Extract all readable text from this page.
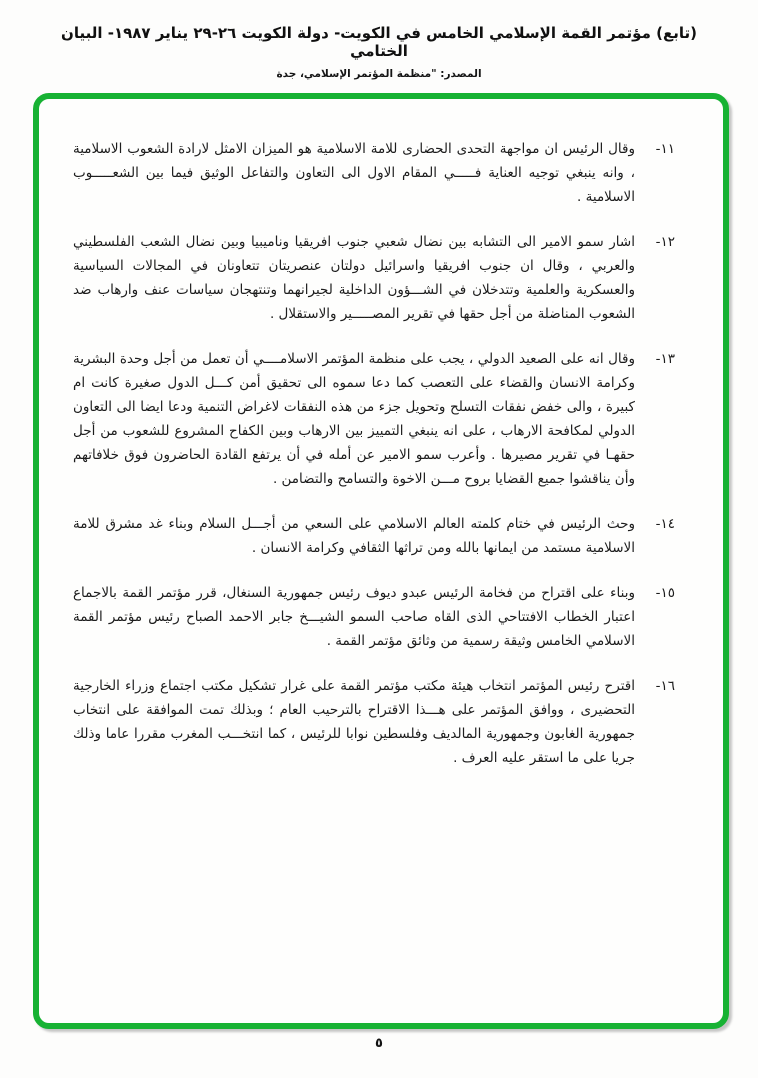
(تابع) مؤتمر القمة الإسلامي الخامس في الكويت- دولة الكويت ٢٦-٢٩ يناير ١٩٨٧- البيان الختامي
المصدر: "منظمة المؤتمر الإسلامي، جدة
١١-
وقال الرئيس ان مواجهة التحدى الحضارى للامة الاسلامية هو الميزان الامثل لارادة الشعوب الاسلامية ، وانه ينبغي توجيه العناية فـــــي المقام الاول الى التعاون والتفاعل الوثيق فيما بين الشعـــــوب الاسلامية .
١٢-
اشار سمو الامير الى التشابه بين نضال شعبي جنوب افريقيا وناميبيا وبين نضال الشعب الفلسطيني والعربي ، وقال ان جنوب افريقيا واسرائيل دولتان عنصريتان تتعاونان في المجالات السياسية والعسكرية والعلمية وتتدخلان في الشـــؤون الداخلية لجيرانهما وتنتهجان سياسات عنف وارهاب ضد الشعوب المناضلة من أجل حقها في تقرير المصـــــير والاستقلال .
١٣-
وقال انه على الصعيد الدولي ، يجب على منظمة المؤتمر الاسلامــــي أن تعمل من أجل وحدة البشرية وكرامة الانسان والقضاء على التعصب كما دعا سموه الى تحقيق أمن كـــل الدول صغيرة كانت ام كبيرة ، والى خفض نفقات التسلح وتحويل جزء من هذه النفقات لاغراض التنمية ودعا ايضا الى التعاون الدولي لمكافحة الارهاب ، على انه ينبغي التمييز بين الارهاب وبين الكفاح المشروع للشعوب من أجل حقهـا في تقرير مصيرها . وأعرب سمو الامير عن أمله في أن يرتفع القادة الحاضرون فوق خلافاتهم وأن يناقشوا جميع القضايا بروح مـــن الاخوة والتسامح والتضامن .
١٤-
وحث الرئيس في ختام كلمته العالم الاسلامي على السعي من أجـــل السلام وبناء غد مشرق للامة الاسلامية مستمد من ايمانها بالله ومن تراثها الثقافي وكرامة الانسان .
١٥-
وبناء على اقتراح من فخامة الرئيس عبدو ديوف رئيس جمهورية السنغال، قرر مؤتمر القمة بالاجماع اعتبار الخطاب الافتتاحي الذى القاه صاحب السمو الشيـــخ جابر الاحمد الصباح رئيس مؤتمر القمة الاسلامي الخامس وثيقة رسمية من وثائق مؤتمر القمة .
١٦-
اقترح رئيس المؤتمر انتخاب هيئة مكتب مؤتمر القمة على غرار تشكيل مكتب اجتماع وزراء الخارجية التحضيرى ، ووافق المؤتمر على هـــذا الاقتراح بالترحيب العام ؛ وبذلك تمت الموافقة على انتخاب جمهورية الغابون وجمهورية المالديف وفلسطين نوابا للرئيس ، كما انتخـــب المغرب مقررا عاما وذلك جريا على ما استقر عليه العرف .
٥
